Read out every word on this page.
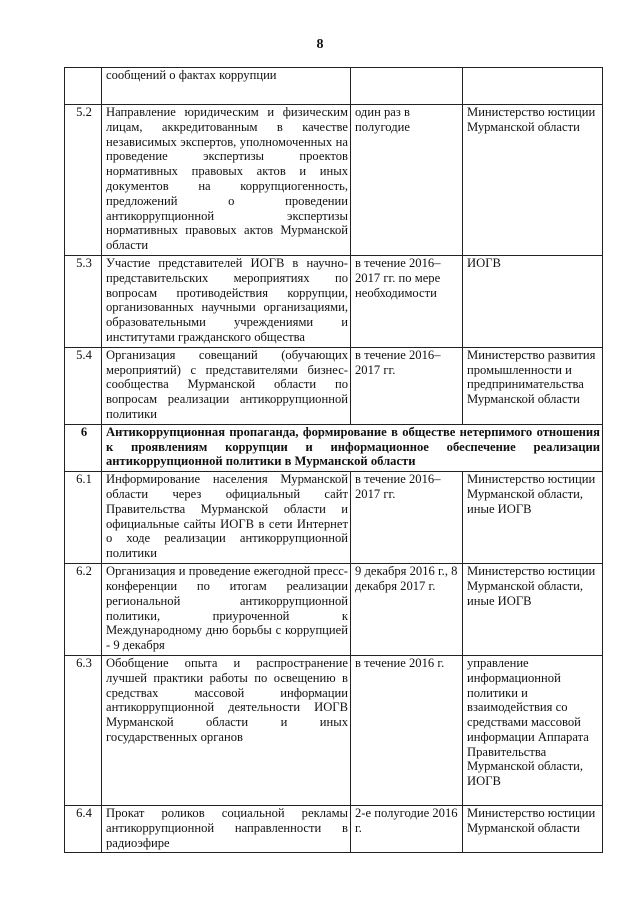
8
	сообщений о фактах коррупции		
5.2	Направление юридическим и физическим лицам, аккредитованным в качестве независимых экспертов, уполномоченных на проведение экспертизы проектов нормативных правовых актов и иных документов на коррупциогенность, предложений о проведении антикоррупционной экспертизы нормативных правовых актов Мурманской области	один раз в полугодие	Министерство юстиции Мурманской области
5.3	Участие представителей ИОГВ в научно-представительских мероприятиях по вопросам противодействия коррупции, организованных научными организациями, образовательными учреждениями и институтами гражданского общества	в течение 2016–2017 гг. по мере необходимости	ИОГВ
5.4	Организация совещаний (обучающих мероприятий) с представителями бизнес-сообщества Мурманской области по вопросам реализации антикоррупционной политики	в течение 2016–2017 гг.	Министерство развития промышленности и предпринимательства Мурманской области
6	Антикоррупционная пропаганда, формирование в обществе нетерпимого отношения к проявлениям коррупции и информационное обеспечение реализации антикоррупционной политики в Мурманской области		
6.1	Информирование населения Мурманской области через официальный сайт Правительства Мурманской области и официальные сайты ИОГВ в сети Интернет о ходе реализации антикоррупционной политики	в течение 2016–2017 гг.	Министерство юстиции Мурманской области, иные ИОГВ
6.2	Организация и проведение ежегодной пресс-конференции по итогам реализации региональной антикоррупционной политики, приуроченной к Международному дню борьбы с коррупцией - 9 декабря	9 декабря 2016 г., 8 декабря 2017 г.	Министерство юстиции Мурманской области, иные ИОГВ
6.3	Обобщение опыта и распространение лучшей практики работы по освещению в средствах массовой информации антикоррупционной деятельности ИОГВ Мурманской области и иных государственных органов	в течение 2016 г.	управление информационной политики и взаимодействия со средствами массовой информации Аппарата Правительства Мурманской области, ИОГВ
6.4	Прокат роликов социальной рекламы антикоррупционной направленности в радиоэфире	2-е полугодие 2016 г.	Министерство юстиции Мурманской области
